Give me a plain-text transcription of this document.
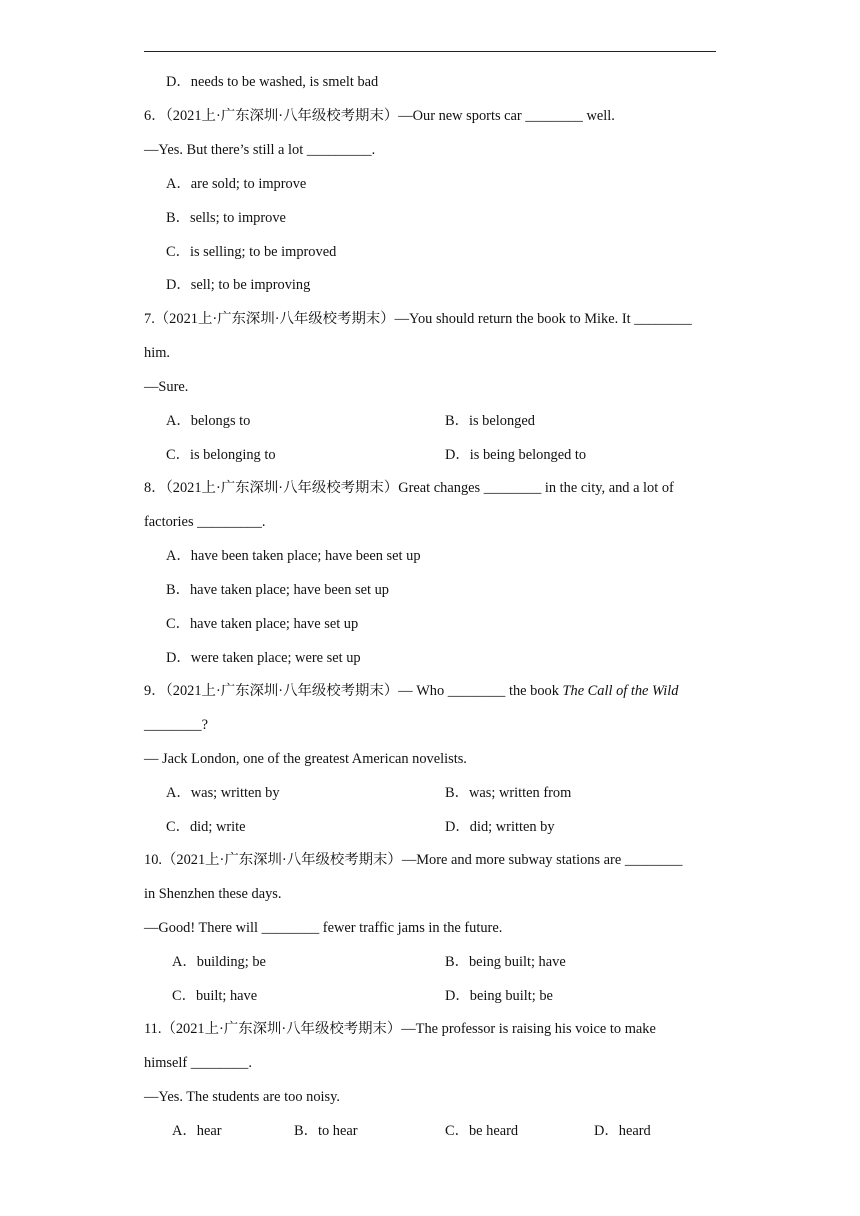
D．needs to be washed, is smelt bad
6．（2021上·广东深圳·八年级校考期末）—Our new sports car ________ well.
—Yes. But there’s still a lot _________.
A．are sold; to improve
B．sells; to improve
C．is selling; to be improved
D．sell; to be improving
7.（2021上·广东深圳·八年级校考期末）—You should return the book to Mike. It ________
him.
—Sure.
A．belongs to	B．is belonged
C．is belonging to	D．is being belonged to
8．（2021上·广东深圳·八年级校考期末）Great changes ________ in the city, and a lot of
factories _________.
A．have been taken place; have been set up
B．have taken place; have been set up
C．have taken place; have set up
D．were taken place; were set up
9．（2021上·广东深圳·八年级校考期末）— Who ________ the book The Call of the Wild
________?
— Jack London, one of the greatest American novelists.
A．was; written by	B．was; written from
C．did; write	D．did; written by
10.（2021上·广东深圳·八年级校考期末）—More and more subway stations are ________
in Shenzhen these days.
—Good! There will ________ fewer traffic jams in the future.
A．building; be	B．being built; have
C．built; have	D．being built; be
11.（2021上·广东深圳·八年级校考期末）—The professor is raising his voice to make
himself ________.
—Yes. The students are too noisy.
A．hear	B．to hear	C．be heard	D．heard
